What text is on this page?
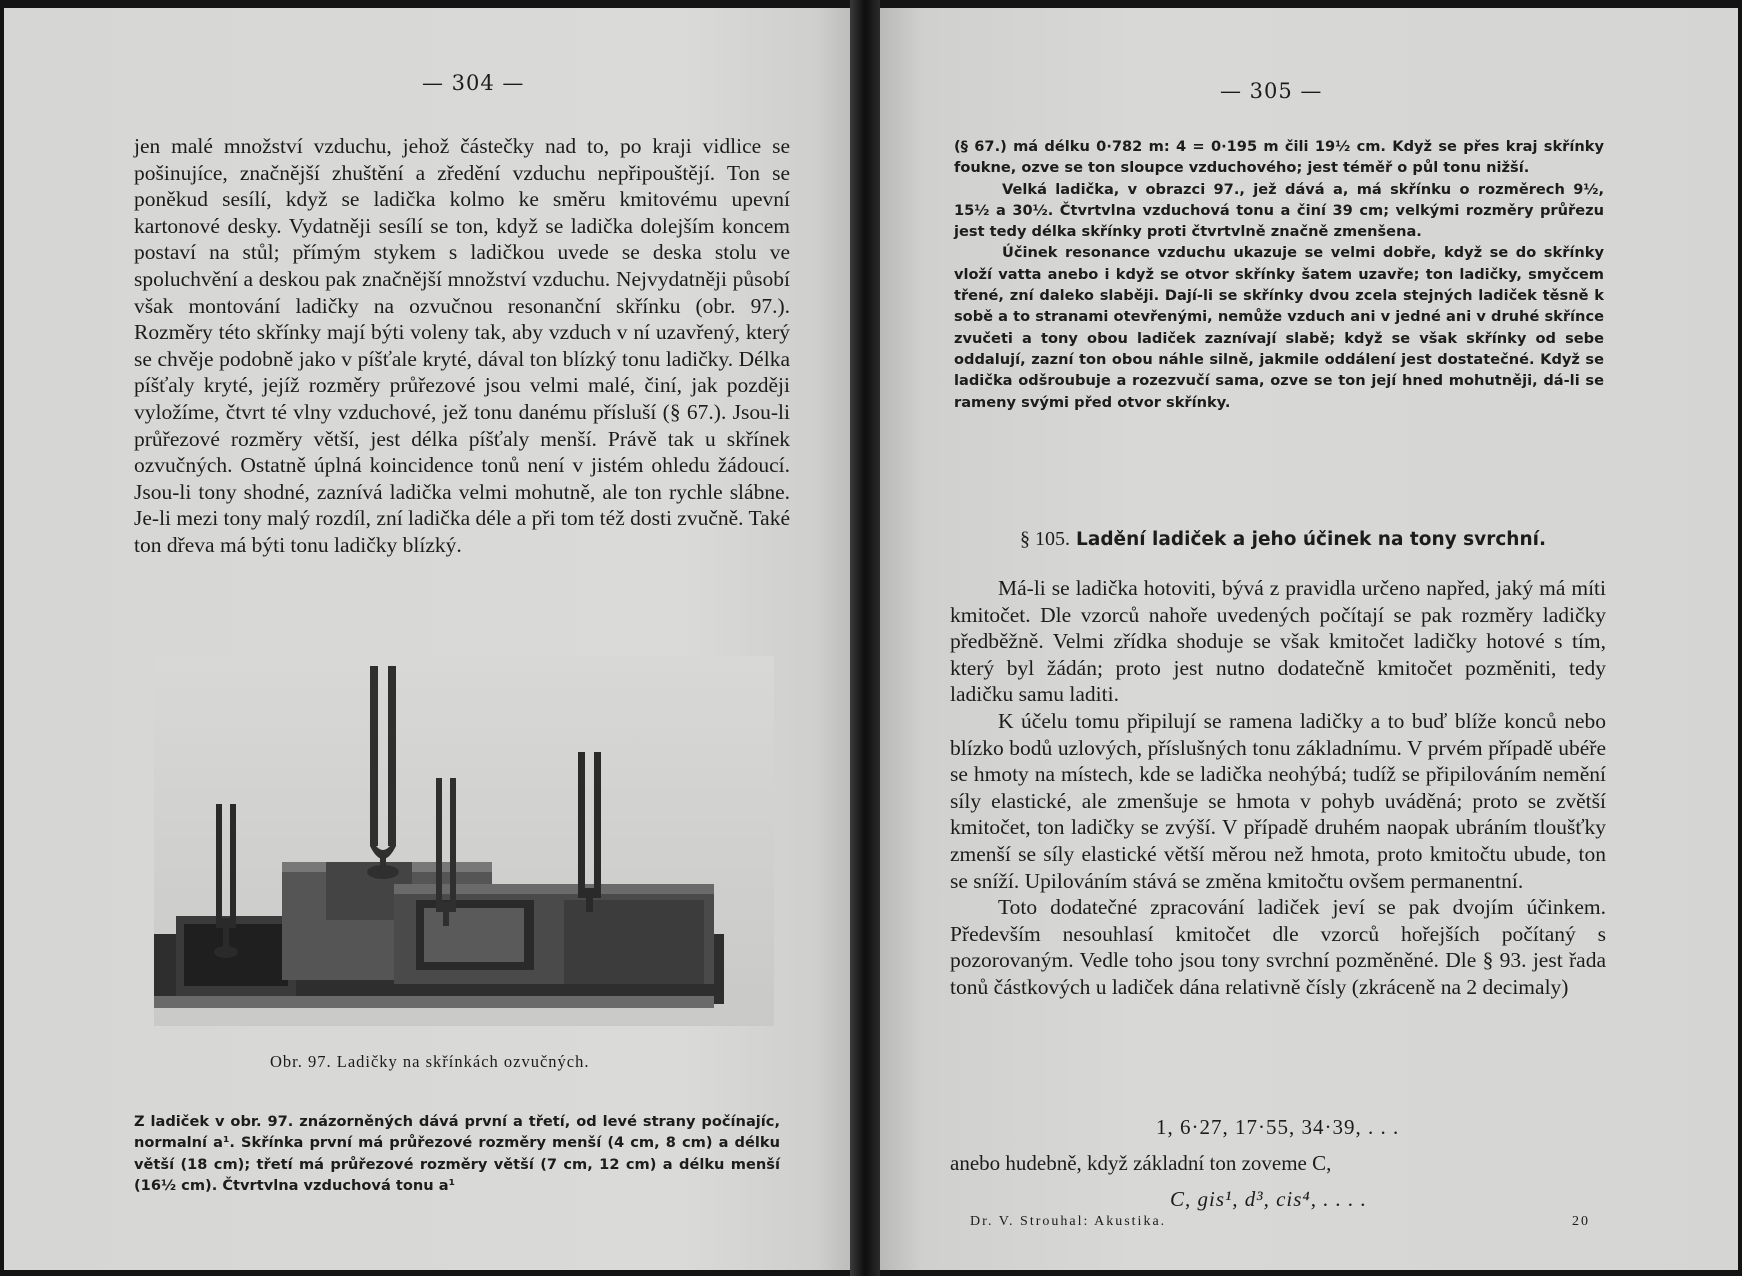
— 304 —

jen malé množství vzduchu, jehož částečky nad to, po kraji vidlice se pošinujíce, značnější zhuštění a zředění vzduchu nepřipouštějí. Ton se poněkud sesílí, když se ladička kolmo ke směru kmitovému upevní kartonové desky. Vydatněji sesílí se ton, když se ladička dolejším koncem postaví na stůl; přímým stykem s ladičkou uvede se deska stolu ve spoluchvění a deskou pak značnější množství vzduchu. Nejvydatněji působí však montování ladičky na ozvučnou resonanční skřínku (obr. 97.). Rozměry této skřínky mají býti voleny tak, aby vzduch v ní uzavřený, který se chvěje podobně jako v píšťale kryté, dával ton blízký tonu ladičky. Délka píšťaly kryté, jejíž rozměry průřezové jsou velmi malé, činí, jak později vyložíme, čtvrt té vlny vzduchové, jež tonu danému přísluší (§ 67.). Jsou-li průřezové rozměry větší, jest délka píšťaly menší. Právě tak u skřínek ozvučných. Ostatně úplná koincidence tonů není v jistém ohledu žádoucí. Jsou-li tony shodné, zaznívá ladička velmi mohutně, ale ton rychle slábne. Je-li mezi tony malý rozdíl, zní ladička déle a při tom též dosti zvučně. Také ton dřeva má býti tonu ladičky blízký.

Obr. 97. Ladičky na skřínkách ozvučných.

Z ladiček v obr. 97. znázorněných dává první a třetí, od levé strany počínajíc, normalní a¹. Skřínka první má průřezové rozměry menší (4 cm, 8 cm) a délku větší (18 cm); třetí má průřezové rozměry větší (7 cm, 12 cm) a délku menší (16½ cm). Čtvrtvlna vzduchová tonu a¹

— 305 —

(§ 67.) má délku 0·782 m: 4 = 0·195 m čili 19½ cm. Když se přes kraj skřínky foukne, ozve se ton sloupce vzduchového; jest téměř o půl tonu nižší.

Velká ladička, v obrazci 97., jež dává a, má skřínku o rozměrech 9½, 15½ a 30½. Čtvrtvlna vzduchová tonu a činí 39 cm; velkými rozměry průřezu jest tedy délka skřínky proti čtvrtvlně značně zmenšena.

Účinek resonance vzduchu ukazuje se velmi dobře, když se do skřínky vloží vatta anebo i když se otvor skřínky šatem uzavře; ton ladičky, smyčcem třené, zní daleko slaběji. Dají-li se skřínky dvou zcela stejných ladiček těsně k sobě a to stranami otevřenými, nemůže vzduch ani v jedné ani v druhé skřínce zvučeti a tony obou ladiček zaznívají slabě; když se však skřínky od sebe oddalují, zazní ton obou náhle silně, jakmile oddálení jest dostatečné. Když se ladička odšroubuje a rozezvučí sama, ozve se ton její hned mohutněji, dá-li se rameny svými před otvor skřínky.

§ 105. Ladění ladiček a jeho účinek na tony svrchní.

Má-li se ladička hotoviti, bývá z pravidla určeno napřed, jaký má míti kmitočet. Dle vzorců nahoře uvedených počítají se pak rozměry ladičky předběžně. Velmi zřídka shoduje se však kmitočet ladičky hotové s tím, který byl žádán; proto jest nutno dodatečně kmitočet pozměniti, tedy ladičku samu laditi.

K účelu tomu připilují se ramena ladičky a to buď blíže konců nebo blízko bodů uzlových, příslušných tonu základnímu. V prvém případě ubéře se hmoty na místech, kde se ladička neohýbá; tudíž se připilováním nemění síly elastické, ale zmenšuje se hmota v pohyb uváděná; proto se zvětší kmitočet, ton ladičky se zvýší. V případě druhém naopak ubráním tloušťky zmenší se síly elastické větší měrou než hmota, proto kmitočtu ubude, ton se sníží. Upilováním stává se změna kmitočtu ovšem permanentní.

Toto dodatečné zpracování ladiček jeví se pak dvojím účinkem. Především nesouhlasí kmitočet dle vzorců hořejších počítaný s pozorovaným. Vedle toho jsou tony svrchní pozměněné. Dle § 93. jest řada tonů částkových u ladiček dána relativně čísly (zkráceně na 2 decimaly)

1, 6·27, 17·55, 34·39, . . .
anebo hudebně, když základní ton zoveme C,
C, gis¹, d³, cis⁴, . . . .
Dr. V. Strouhal: Akustika.	20
